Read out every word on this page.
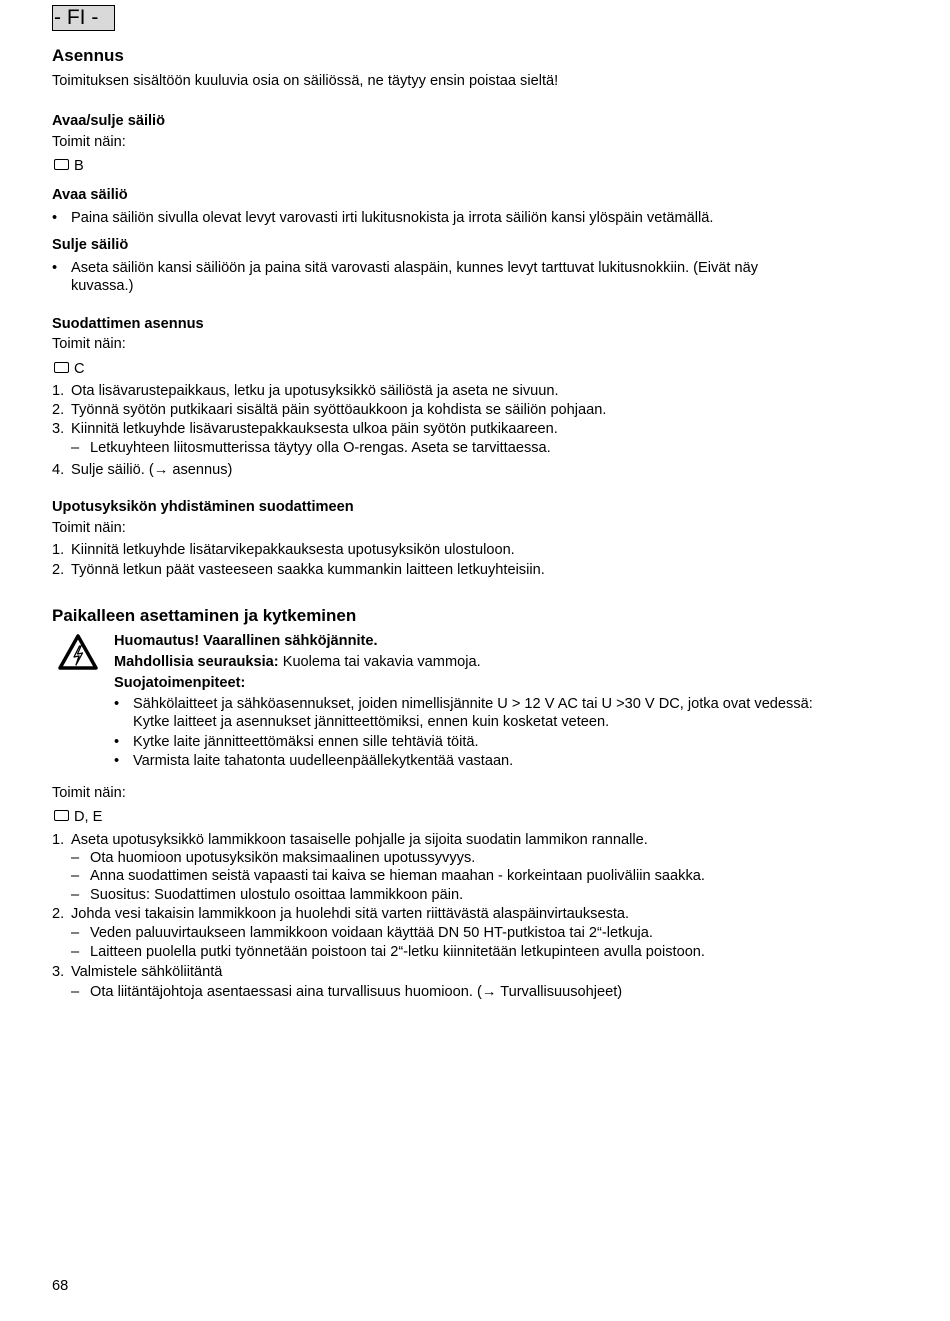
- FI -
Asennus
Toimituksen sisältöön kuuluvia osia on säiliössä, ne täytyy ensin poistaa sieltä!
Avaa/sulje säiliö
Toimit näin:
B
Avaa säiliö
• Paina säiliön sivulla olevat levyt varovasti irti lukitusnokista ja irrota säiliön kansi ylöspäin vetämällä.
Sulje säiliö
• Aseta säiliön kansi säiliöön ja paina sitä varovasti alaspäin, kunnes levyt tarttuvat lukitusnokkiin. (Eivät näy
kuvassa.)
Suodattimen asennus
Toimit näin:
C
1. Ota lisävarustepaikkaus, letku ja upotusyksikkö säiliöstä ja aseta ne sivuun.
2. Työnnä syötön putkikaari sisältä päin syöttöaukkoon ja kohdista se säiliön pohjaan.
3. Kiinnitä letkuyhde lisävarustepakkauksesta ulkoa päin syötön putkikaareen.
– Letkuyhteen liitosmutterissa täytyy olla O-rengas. Aseta se tarvittaessa.
4. Sulje säiliö. (→ asennus)
Upotusyksikön yhdistäminen suodattimeen
Toimit näin:
1. Kiinnitä letkuyhde lisätarvikepakkauksesta upotusyksikön ulostuloon.
2. Työnnä letkun päät vasteeseen saakka kummankin laitteen letkuyhteisiin.
Paikalleen asettaminen ja kytkeminen
Huomautus! Vaarallinen sähköjännite.
Mahdollisia seurauksia: Kuolema tai vakavia vammoja.
Suojatoimenpiteet:
• Sähkölaitteet ja sähköasennukset, joiden nimellisjännite U > 12 V AC tai U >30 V DC, jotka ovat vedessä:
Kytke laitteet ja asennukset jännitteettömiksi, ennen kuin kosketat veteen.
• Kytke laite jännitteettömäksi ennen sille tehtäviä töitä.
• Varmista laite tahatonta uudelleenpäällekytkentää vastaan.
Toimit näin:
D, E
1. Aseta upotusyksikkö lammikkoon tasaiselle pohjalle ja sijoita suodatin lammikon rannalle.
– Ota huomioon upotusyksikön maksimaalinen upotussyvyys.
– Anna suodattimen seistä vapaasti tai kaiva se hieman maahan - korkeintaan puoliväliin saakka.
– Suositus: Suodattimen ulostulo osoittaa lammikkoon päin.
2. Johda vesi takaisin lammikkoon ja huolehdi sitä varten riittävästä alaspäinvirtauksesta.
– Veden paluuvirtaukseen lammikkoon voidaan käyttää DN 50 HT-putkistoa tai 2“-letkuja.
– Laitteen puolella putki työnnetään poistoon tai 2“-letku kiinnitetään letkupinteen avulla poistoon.
3. Valmistele sähköliitäntä
– Ota liitäntäjohtoja asentaessasi aina turvallisuus huomioon. (→ Turvallisuusohjeet)
68
